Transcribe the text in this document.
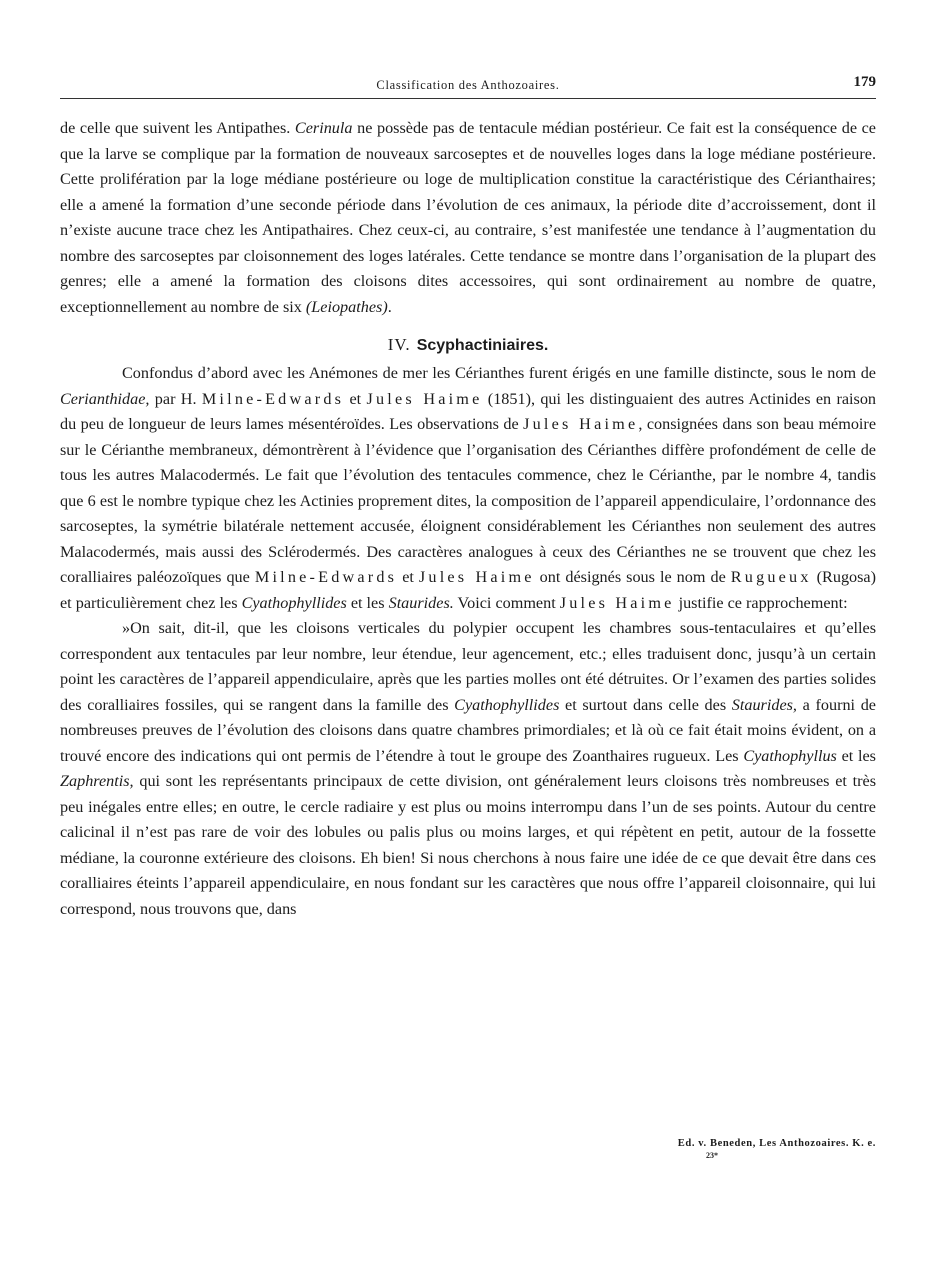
Classification des Anthozoaires.	179

de celle que suivent les Antipathes. Cerinula ne possède pas de tentacule médian postérieur. Ce fait est la conséquence de ce que la larve se complique par la formation de nouveaux sarcoseptes et de nouvelles loges dans la loge médiane postérieure. Cette prolifération par la loge médiane postérieure ou loge de multiplication constitue la caractéristique des Cérianthaires; elle a amené la formation d’une seconde période dans l’évolution de ces animaux, la période dite d’accroissement, dont il n’existe aucune trace chez les Antipathaires. Chez ceux-ci, au contraire, s’est manifestée une tendance à l’augmentation du nombre des sarcoseptes par cloisonnement des loges latérales. Cette tendance se montre dans l’organisation de la plupart des genres; elle a amené la formation des cloisons dites accessoires, qui sont ordinairement au nombre de quatre, exceptionnellement au nombre de six (Leiopathes).

IV. Scyphactiniaires.

Confondus d’abord avec les Anémones de mer les Cérianthes furent érigés en une famille distincte, sous le nom de Cerianthidae, par H. Milne-Edwards et Jules Haime (1851), qui les distinguaient des autres Actinides en raison du peu de longueur de leurs lames mésentéroïdes. Les observations de Jules Haime, consignées dans son beau mémoire sur le Cérianthe membraneux, démontrèrent à l’évidence que l’organisation des Cérianthes diffère profondément de celle de tous les autres Malacodermés. Le fait que l’évolution des tentacules commence, chez le Cérianthe, par le nombre 4, tandis que 6 est le nombre typique chez les Actinies proprement dites, la composition de l’appareil appendiculaire, l’ordonnance des sarcoseptes, la symétrie bilatérale nettement accusée, éloignent considérablement les Cérianthes non seulement des autres Malacodermés, mais aussi des Sclérodermés. Des caractères analogues à ceux des Cérianthes ne se trouvent que chez les coralliaires paléozoïques que Milne-Edwards et Jules Haime ont désignés sous le nom de Rugueux (Rugosa) et particulièrement chez les Cyathophyllides et les Staurides. Voici comment Jules Haime justifie ce rapprochement:

»On sait, dit-il, que les cloisons verticales du polypier occupent les chambres sous-tentaculaires et qu’elles correspondent aux tentacules par leur nombre, leur étendue, leur agencement, etc.; elles traduisent donc, jusqu’à un certain point les caractères de l’appareil appendiculaire, après que les parties molles ont été détruites. Or l’examen des parties solides des coralliaires fossiles, qui se rangent dans la famille des Cyathophyllides et surtout dans celle des Staurides, a fourni de nombreuses preuves de l’évolution des cloisons dans quatre chambres primordiales; et là où ce fait était moins évident, on a trouvé encore des indications qui ont permis de l’étendre à tout le groupe des Zoanthaires rugueux. Les Cyathophyllus et les Zaphrentis, qui sont les représentants principaux de cette division, ont généralement leurs cloisons très nombreuses et très peu inégales entre elles; en outre, le cercle radiaire y est plus ou moins interrompu dans l’un de ses points. Autour du centre calicinal il n’est pas rare de voir des lobules ou palis plus ou moins larges, et qui répètent en petit, autour de la fossette médiane, la couronne extérieure des cloisons. Eh bien! Si nous cherchons à nous faire une idée de ce que devait être dans ces coralliaires éteints l’appareil appendiculaire, en nous fondant sur les caractères que nous offre l’appareil cloisonnaire, qui lui correspond, nous trouvons que, dans

Ed. v. Beneden, Les Anthozoaires. K. e.
23*
